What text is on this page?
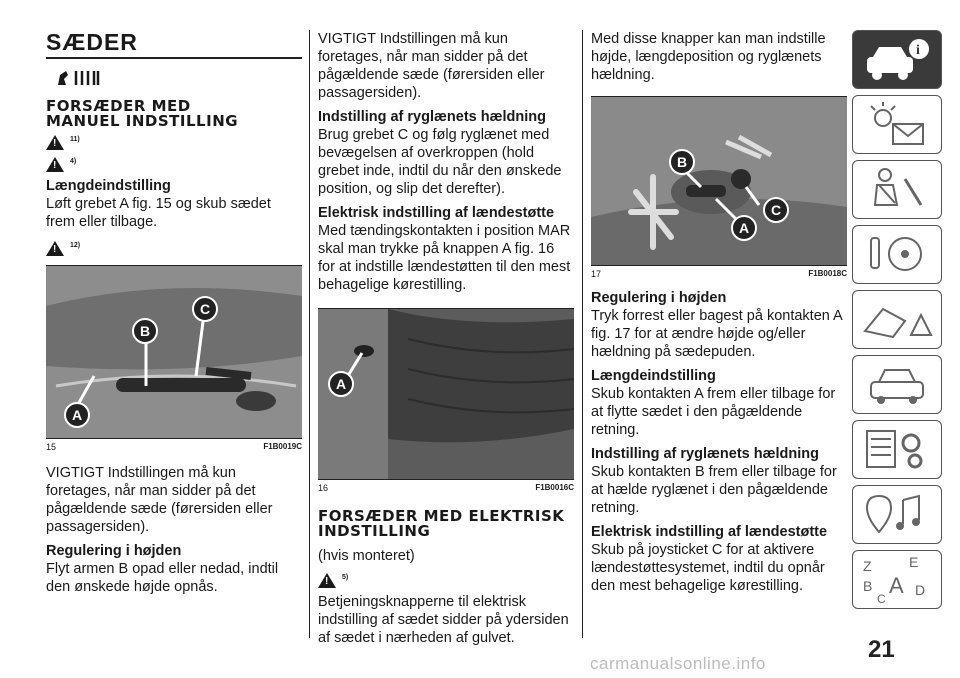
SÆDER
FORSÆDER MED MANUEL INDSTILLING
!
11)
!
4)
Længdeindstilling

Løft grebet A fig. 15 og skub sædet frem eller tilbage.

!
12)
B
C
A
15	F1B0019C

VIGTIGT Indstillingen må kun foretages, når man sidder på det pågældende sæde (førersiden eller passagersiden).

Regulering i højden

Flyt armen B opad eller nedad, indtil den ønskede højde opnås.

VIGTIGT Indstillingen må kun foretages, når man sidder på det pågældende sæde (førersiden eller passagersiden).

Indstilling af ryglænets hældning

Brug grebet C og følg ryglænet med bevægelsen af overkroppen (hold grebet inde, indtil du når den ønskede position, og slip det derefter).

Elektrisk indstilling af lændestøtte

Med tændingskontakten i position MAR skal man trykke på knappen A fig. 16 for at indstille lændestøtten til den mest behagelige kørestilling.

A
16	F1B0016C
FORSÆDER MED ELEKTRISK INDSTILLING

(hvis monteret)

!
5)

Betjeningsknapperne til elektrisk indstilling af sædet sidder på ydersiden af sædet i nærheden af gulvet.

Med disse knapper kan man indstille højde, længdeposition og ryglænets hældning.

B
C
A
17	F1B0018C
Regulering i højden

Tryk forrest eller bagest på kontakten A fig. 17 for at ændre højde og/eller hældning på sædepuden.

Længdeindstilling

Skub kontakten A frem eller tilbage for at flytte sædet i den pågældende retning.

Indstilling af ryglænets hældning

Skub kontakten B frem eller tilbage for at hælde ryglænet i den pågældende retning.

Elektrisk indstilling af lændestøtte

Skub på joysticket C for at aktivere lændestøttesystemet, indtil du opnår den mest behagelige kørestilling.

i
Z	E
B A D
C
21
carmanualsonline.info
